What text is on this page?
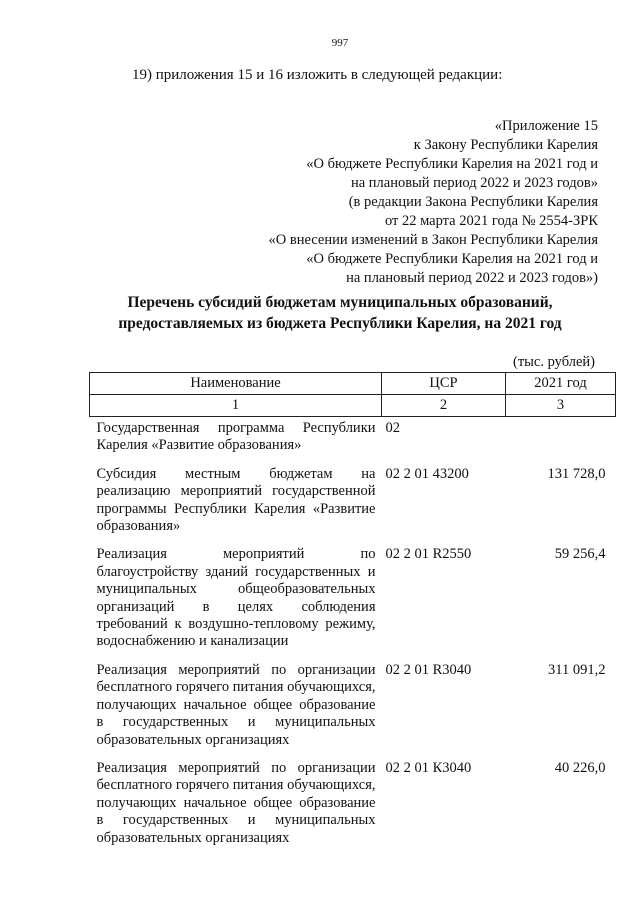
997
19) приложения 15 и 16 изложить в следующей редакции:
«Приложение 15
к Закону Республики Карелия
«О бюджете Республики Карелия на 2021 год и
на плановый период 2022 и 2023 годов»
(в редакции Закона Республики Карелия
от 22 марта 2021 года № 2554-ЗРК
«О внесении изменений в Закон Республики Карелия
«О бюджете Республики Карелия на 2021 год и
на плановый период 2022 и 2023 годов»)
Перечень субсидий бюджетам муниципальных образований,
предоставляемых из бюджета Республики Карелия, на 2021 год
(тыс. рублей)
Наименование	ЦСР	2021 год
1	2	3
Государственная программа Республики Карелия «Развитие образования»	02	
Субсидия местным бюджетам на реализацию мероприятий государственной программы Республики Карелия «Развитие образования»	02 2 01 43200	131 728,0
Реализация мероприятий по благоустройству зданий государственных и муниципальных общеобразовательных организаций в целях соблюдения требований к воздушно-тепловому режиму, водоснабжению и канализации	02 2 01 R2550	59 256,4
Реализация мероприятий по организации бесплатного горячего питания обучающихся, получающих начальное общее образование в государственных и муниципальных образовательных организациях	02 2 01 R3040	311 091,2
Реализация мероприятий по организации бесплатного горячего питания обучающихся, получающих начальное общее образование в государственных и муниципальных образовательных организациях	02 2 01 К3040	40 226,0
